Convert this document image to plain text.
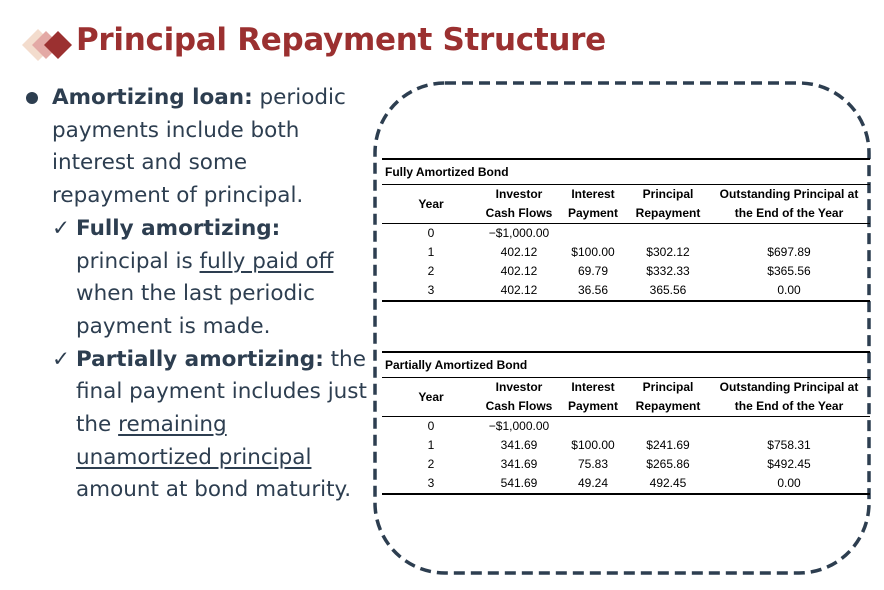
Principal Repayment Structure
Amortizing loan: periodic payments include both interest and some repayment of principal.
✓ Fully amortizing: principal is fully paid off when the last periodic payment is made.
✓ Partially amortizing: the final payment includes just the remaining unamortized principal amount at bond maturity.
Fully Amortized Bond				
Year	Investor	Interest	Principal	Outstanding Principal at
	Cash Flows	Payment	Repayment	the End of the Year
0	−$1,000.00			
1	402.12	$100.00	$302.12	$697.89
2	402.12	69.79	$332.33	$365.56
3	402.12	36.56	365.56	0.00
Partially Amortized Bond				
Year	Investor	Interest	Principal	Outstanding Principal at
	Cash Flows	Payment	Repayment	the End of the Year
0	−$1,000.00			
1	341.69	$100.00	$241.69	$758.31
2	341.69	75.83	$265.86	$492.45
3	541.69	49.24	492.45	0.00
